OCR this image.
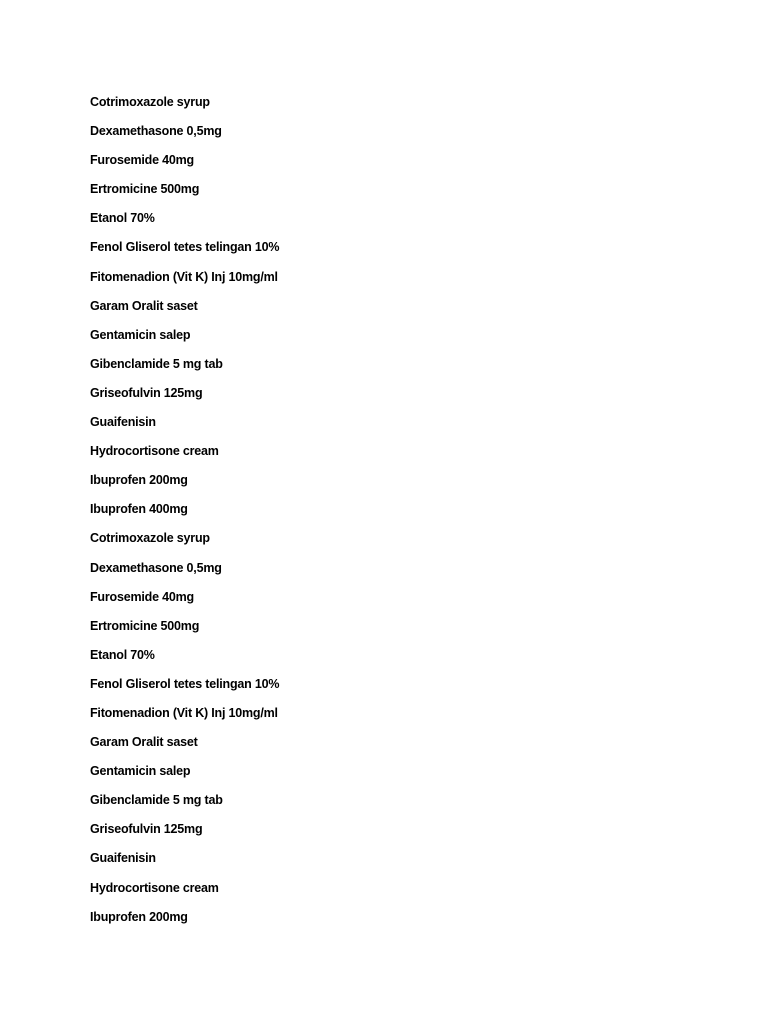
Cotrimoxazole syrup
Dexamethasone 0,5mg
Furosemide 40mg
Ertromicine 500mg
Etanol 70%
Fenol Gliserol tetes telingan 10%
Fitomenadion (Vit K) Inj 10mg/ml
Garam Oralit saset
Gentamicin salep
Gibenclamide 5 mg tab
Griseofulvin 125mg
Guaifenisin
Hydrocortisone cream
Ibuprofen 200mg
Ibuprofen 400mg
Cotrimoxazole syrup
Dexamethasone 0,5mg
Furosemide 40mg
Ertromicine 500mg
Etanol 70%
Fenol Gliserol tetes telingan 10%
Fitomenadion (Vit K) Inj 10mg/ml
Garam Oralit saset
Gentamicin salep
Gibenclamide 5 mg tab
Griseofulvin 125mg
Guaifenisin
Hydrocortisone cream
Ibuprofen 200mg
